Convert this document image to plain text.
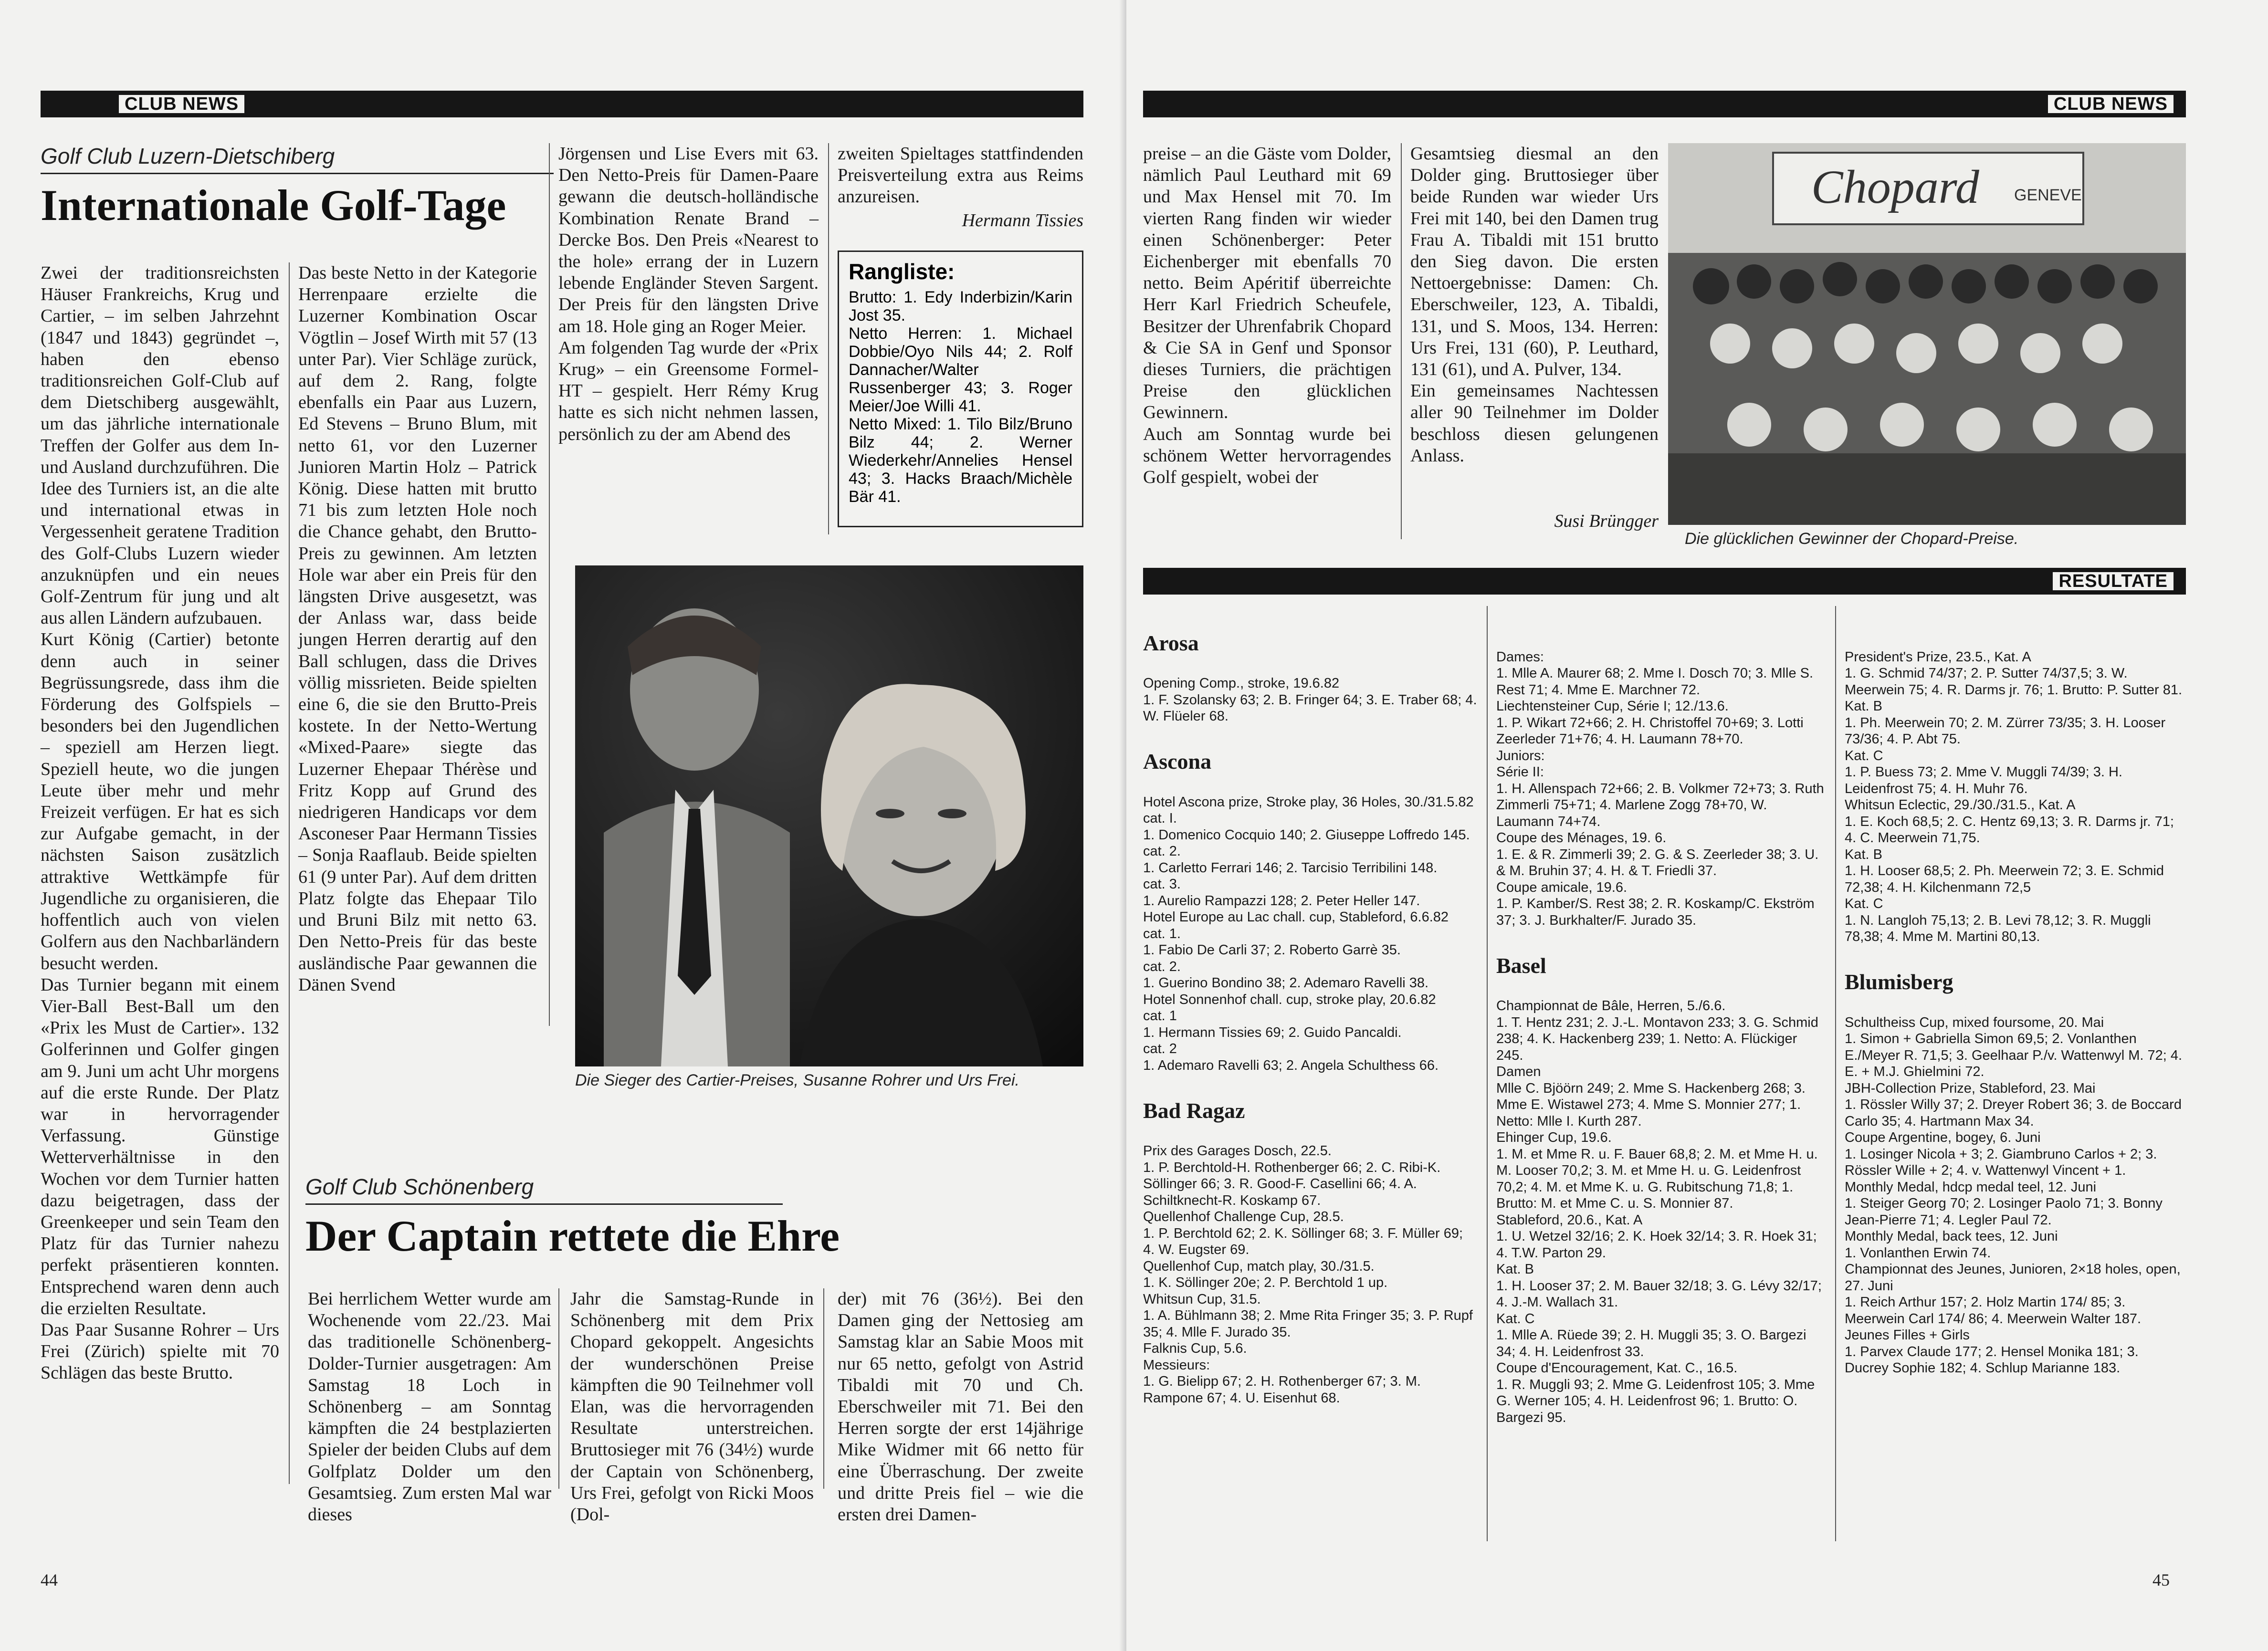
CLUB NEWS
Golf Club Luzern-Dietschiberg
Internationale Golf-Tage
Zwei der traditionsreichsten Häuser Frankreichs, Krug und Cartier, – im selben Jahrzehnt (1847 und 1843) gegründet –, haben den ebenso traditionsreichen Golf-Club auf dem Dietschiberg ausgewählt, um das jährliche internationale Treffen der Golfer aus dem In- und Ausland durchzuführen. Die Idee des Turniers ist, an die alte und international etwas in Vergessenheit geratene Tradition des Golf-Clubs Luzern wieder anzuknüpfen und ein neues Golf-Zentrum für jung und alt aus allen Ländern aufzubauen.
Kurt König (Cartier) betonte denn auch in seiner Begrüssungsrede, dass ihm die Förderung des Golfspiels – besonders bei den Jugendlichen – speziell am Herzen liegt. Speziell heute, wo die jungen Leute über mehr und mehr Freizeit verfügen. Er hat es sich zur Aufgabe gemacht, in der nächsten Saison zusätzlich attraktive Wettkämpfe für Jugendliche zu organisieren, die hoffentlich auch von vielen Golfern aus den Nachbarländern besucht werden.
Das Turnier begann mit einem Vier-Ball Best-Ball um den «Prix les Must de Cartier». 132 Golferinnen und Golfer gingen am 9. Juni um acht Uhr morgens auf die erste Runde. Der Platz war in hervorragender Verfassung. Günstige Wetterverhältnisse in den Wochen vor dem Turnier hatten dazu beigetragen, dass der Greenkeeper und sein Team den Platz für das Turnier nahezu perfekt präsentieren konnten. Entsprechend waren denn auch die erzielten Resultate.
Das Paar Susanne Rohrer – Urs Frei (Zürich) spielte mit 70 Schlägen das beste Brutto.
Das beste Netto in der Kategorie Herrenpaare erzielte die Luzerner Kombination Oscar Vögtlin – Josef Wirth mit 57 (13 unter Par). Vier Schläge zurück, auf dem 2. Rang, folgte ebenfalls ein Paar aus Luzern, Ed Stevens – Bruno Blum, mit netto 61, vor den Luzerner Junioren Martin Holz – Patrick König. Diese hatten mit brutto 71 bis zum letzten Hole noch die Chance gehabt, den Brutto-Preis zu gewinnen. Am letzten Hole war aber ein Preis für den längsten Drive ausgesetzt, was der Anlass war, dass beide jungen Herren derartig auf den Ball schlugen, dass die Drives völlig missrieten. Beide spielten eine 6, die sie den Brutto-Preis kostete. In der Netto-Wertung «Mixed-Paare» siegte das Luzerner Ehepaar Thérèse und Fritz Kopp auf Grund des niedrigeren Handicaps vor dem Asconeser Paar Hermann Tissies – Sonja Raaflaub. Beide spielten 61 (9 unter Par). Auf dem dritten Platz folgte das Ehepaar Tilo und Bruni Bilz mit netto 63. Den Netto-Preis für das beste ausländische Paar gewannen die Dänen Svend
Jörgensen und Lise Evers mit 63. Den Netto-Preis für Damen-Paare gewann die deutsch-holländische Kombination Renate Brand – Dercke Bos. Den Preis «Nearest to the hole» errang der in Luzern lebende Engländer Steven Sargent. Der Preis für den längsten Drive am 18. Hole ging an Roger Meier.
Am folgenden Tag wurde der «Prix Krug» – ein Greensome Formel- HT – gespielt. Herr Rémy Krug hatte es sich nicht nehmen lassen, persönlich zu der am Abend des
zweiten Spieltages stattfindenden Preisverteilung extra aus Reims anzureisen.
Hermann Tissies
Rangliste:
Brutto: 1. Edy Inderbizin/Karin Jost 35.
Netto Herren: 1. Michael Dobbie/Oyo Nils 44; 2. Rolf Dannacher/Walter Russenberger 43; 3. Roger Meier/Joe Willi 41.
Netto Mixed: 1. Tilo Bilz/Bruno Bilz 44; 2. Werner Wiederkehr/Annelies Hensel 43; 3. Hacks Braach/Michèle Bär 41.
Die Sieger des Cartier-Preises, Susanne Rohrer und Urs Frei.
Golf Club Schönenberg
Der Captain rettete die Ehre
Bei herrlichem Wetter wurde am Wochenende vom 22./23. Mai das traditionelle Schönenberg-Dolder-Turnier ausgetragen: Am Samstag 18 Loch in Schönenberg – am Sonntag kämpften die 24 bestplazierten Spieler der beiden Clubs auf dem Golfplatz Dolder um den Gesamtsieg. Zum ersten Mal war dieses
Jahr die Samstag-Runde in Schönenberg mit dem Prix Chopard gekoppelt. Angesichts der wunderschönen Preise kämpften die 90 Teilnehmer voll Elan, was die hervorragenden Resultate unterstreichen. Bruttosieger mit 76 (34½) wurde der Captain von Schönenberg, Urs Frei, gefolgt von Ricki Moos (Dol-
der) mit 76 (36½). Bei den Damen ging der Nettosieg am Samstag klar an Sabie Moos mit nur 65 netto, gefolgt von Astrid Tibaldi mit 70 und Ch. Eberschweiler mit 71. Bei den Herren sorgte der erst 14jährige Mike Widmer mit 66 netto für eine Überraschung. Der zweite und dritte Preis fiel – wie die ersten drei Damen-
44
CLUB NEWS
preise – an die Gäste vom Dolder, nämlich Paul Leuthard mit 69 und Max Hensel mit 70. Im vierten Rang finden wir wieder einen Schönenberger: Peter Eichenberger mit ebenfalls 70 netto. Beim Apéritif überreichte Herr Karl Friedrich Scheufele, Besitzer der Uhrenfabrik Chopard & Cie SA in Genf und Sponsor dieses Turniers, die prächtigen Preise den glücklichen Gewinnern.
Auch am Sonntag wurde bei schönem Wetter hervorragendes Golf gespielt, wobei der
Gesamtsieg diesmal an den Dolder ging. Bruttosieger über beide Runden war wieder Urs Frei mit 140, bei den Damen trug Frau A. Tibaldi mit 151 brutto den Sieg davon. Die ersten Nettoergebnisse: Damen: Ch. Eberschweiler, 123, A. Tibaldi, 131, und S. Moos, 134. Herren: Urs Frei, 131 (60), P. Leuthard, 131 (61), und A. Pulver, 134.
Ein gemeinsames Nachtessen aller 90 Teilnehmer im Dolder beschloss diesen gelungenen Anlass.
Susi Brüngger
Chopard GENEVE
Die glücklichen Gewinner der Chopard-Preise.
RESULTATE

Arosa

Opening Comp., stroke, 19.6.82
1. F. Szolansky 63; 2. B. Fringer 64; 3. E. Traber 68; 4. W. Flüeler 68.

Ascona

Hotel Ascona prize, Stroke play, 36 Holes, 30./31.5.82
cat. I.
1. Domenico Cocquio 140; 2. Giuseppe Loffredo 145.
cat. 2.
1. Carletto Ferrari 146; 2. Tarcisio Terribilini 148.
cat. 3.
1. Aurelio Rampazzi 128; 2. Peter Heller 147.
Hotel Europe au Lac chall. cup, Stableford, 6.6.82
cat. 1.
1. Fabio De Carli 37; 2. Roberto Garrè 35.
cat. 2.
1. Guerino Bondino 38; 2. Ademaro Ravelli 38.
Hotel Sonnenhof chall. cup, stroke play, 20.6.82
cat. 1
1. Hermann Tissies 69; 2. Guido Pancaldi.
cat. 2
1. Ademaro Ravelli 63; 2. Angela Schulthess 66.

Bad Ragaz

Prix des Garages Dosch, 22.5.
1. P. Berchtold-H. Rothenberger 66; 2. C. Ribi-K. Söllinger 66; 3. R. Good-F. Casellini 66; 4. A. Schiltknecht-R. Koskamp 67.
Quellenhof Challenge Cup, 28.5.
1. P. Berchtold 62; 2. K. Söllinger 68; 3. F. Müller 69; 4. W. Eugster 69.
Quellenhof Cup, match play, 30./31.5.
1. K. Söllinger 20e; 2. P. Berchtold 1 up.
Whitsun Cup, 31.5.
1. A. Bühlmann 38; 2. Mme Rita Fringer 35; 3. P. Rupf 35; 4. Mlle F. Jurado 35.
Falknis Cup, 5.6.
Messieurs:
1. G. Bielipp 67; 2. H. Rothenberger 67; 3. M. Rampone 67; 4. U. Eisenhut 68.

Dames:
1. Mlle A. Maurer 68; 2. Mme I. Dosch 70; 3. Mlle S. Rest 71; 4. Mme E. Marchner 72.
Liechtensteiner Cup, Série I; 12./13.6.
1. P. Wikart 72+66; 2. H. Christoffel 70+69; 3. Lotti Zeerleder 71+76; 4. H. Laumann 78+70.
Juniors:
Série II:
1. H. Allenspach 72+66; 2. B. Volkmer 72+73; 3. Ruth Zimmerli 75+71; 4. Marlene Zogg 78+70, W. Laumann 74+74.
Coupe des Ménages, 19. 6.
1. E. & R. Zimmerli 39; 2. G. & S. Zeerleder 38; 3. U. & M. Bruhin 37; 4. H. & T. Friedli 37.
Coupe amicale, 19.6.
1. P. Kamber/S. Rest 38; 2. R. Koskamp/C. Ekström 37; 3. J. Burkhalter/F. Jurado 35.

Basel

Championnat de Bâle, Herren, 5./6.6.
1. T. Hentz 231; 2. J.-L. Montavon 233; 3. G. Schmid 238; 4. K. Hackenberg 239; 1. Netto: A. Flückiger 245.
Damen
Mlle C. Bjöörn 249; 2. Mme S. Hackenberg 268; 3. Mme E. Wistawel 273; 4. Mme S. Monnier 277; 1. Netto: Mlle I. Kurth 287.
Ehinger Cup, 19.6.
1. M. et Mme R. u. F. Bauer 68,8; 2. M. et Mme H. u. M. Looser 70,2; 3. M. et Mme H. u. G. Leidenfrost 70,2; 4. M. et Mme K. u. G. Rubitschung 71,8; 1. Brutto: M. et Mme C. u. S. Monnier 87.
Stableford, 20.6., Kat. A
1. U. Wetzel 32/16; 2. K. Hoek 32/14; 3. R. Hoek 31; 4. T.W. Parton 29.
Kat. B
1. H. Looser 37; 2. M. Bauer 32/18; 3. G. Lévy 32/17; 4. J.-M. Wallach 31.
Kat. C
1. Mlle A. Rüede 39; 2. H. Muggli 35; 3. O. Bargezi 34; 4. H. Leidenfrost 33.
Coupe d'Encouragement, Kat. C., 16.5.
1. R. Muggli 93; 2. Mme G. Leidenfrost 105; 3. Mme G. Werner 105; 4. H. Leidenfrost 96; 1. Brutto: O. Bargezi 95.

President's Prize, 23.5., Kat. A
1. G. Schmid 74/37; 2. P. Sutter 74/37,5; 3. W. Meerwein 75; 4. R. Darms jr. 76; 1. Brutto: P. Sutter 81.
Kat. B
1. Ph. Meerwein 70; 2. M. Zürrer 73/35; 3. H. Looser 73/36; 4. P. Abt 75.
Kat. C
1. P. Buess 73; 2. Mme V. Muggli 74/39; 3. H. Leidenfrost 75; 4. H. Muhr 76.
Whitsun Eclectic, 29./30./31.5., Kat. A
1. E. Koch 68,5; 2. C. Hentz 69,13; 3. R. Darms jr. 71; 4. C. Meerwein 71,75.
Kat. B
1. H. Looser 68,5; 2. Ph. Meerwein 72; 3. E. Schmid 72,38; 4. H. Kilchenmann 72,5
Kat. C
1. N. Langloh 75,13; 2. B. Levi 78,12; 3. R. Muggli 78,38; 4. Mme M. Martini 80,13.

Blumisberg

Schultheiss Cup, mixed foursome, 20. Mai
1. Simon + Gabriella Simon 69,5; 2. Vonlanthen E./Meyer R. 71,5; 3. Geelhaar P./v. Wattenwyl M. 72; 4. E. + M.J. Ghielmini 72.
JBH-Collection Prize, Stableford, 23. Mai
1. Rössler Willy 37; 2. Dreyer Robert 36; 3. de Boccard Carlo 35; 4. Hartmann Max 34.
Coupe Argentine, bogey, 6. Juni
1. Losinger Nicola + 3; 2. Giambruno Carlos + 2; 3. Rössler Wille + 2; 4. v. Wattenwyl Vincent + 1.
Monthly Medal, hdcp medal teel, 12. Juni
1. Steiger Georg 70; 2. Losinger Paolo 71; 3. Bonny Jean-Pierre 71; 4. Legler Paul 72.
Monthly Medal, back tees, 12. Juni
1. Vonlanthen Erwin 74.
Championnat des Jeunes, Junioren, 2×18 holes, open, 27. Juni
1. Reich Arthur 157; 2. Holz Martin 174/ 85; 3. Meerwein Carl 174/ 86; 4. Meerwein Walter 187.
Jeunes Filles + Girls
1. Parvex Claude 177; 2. Hensel Monika 181; 3. Ducrey Sophie 182; 4. Schlup Marianne 183.

45
